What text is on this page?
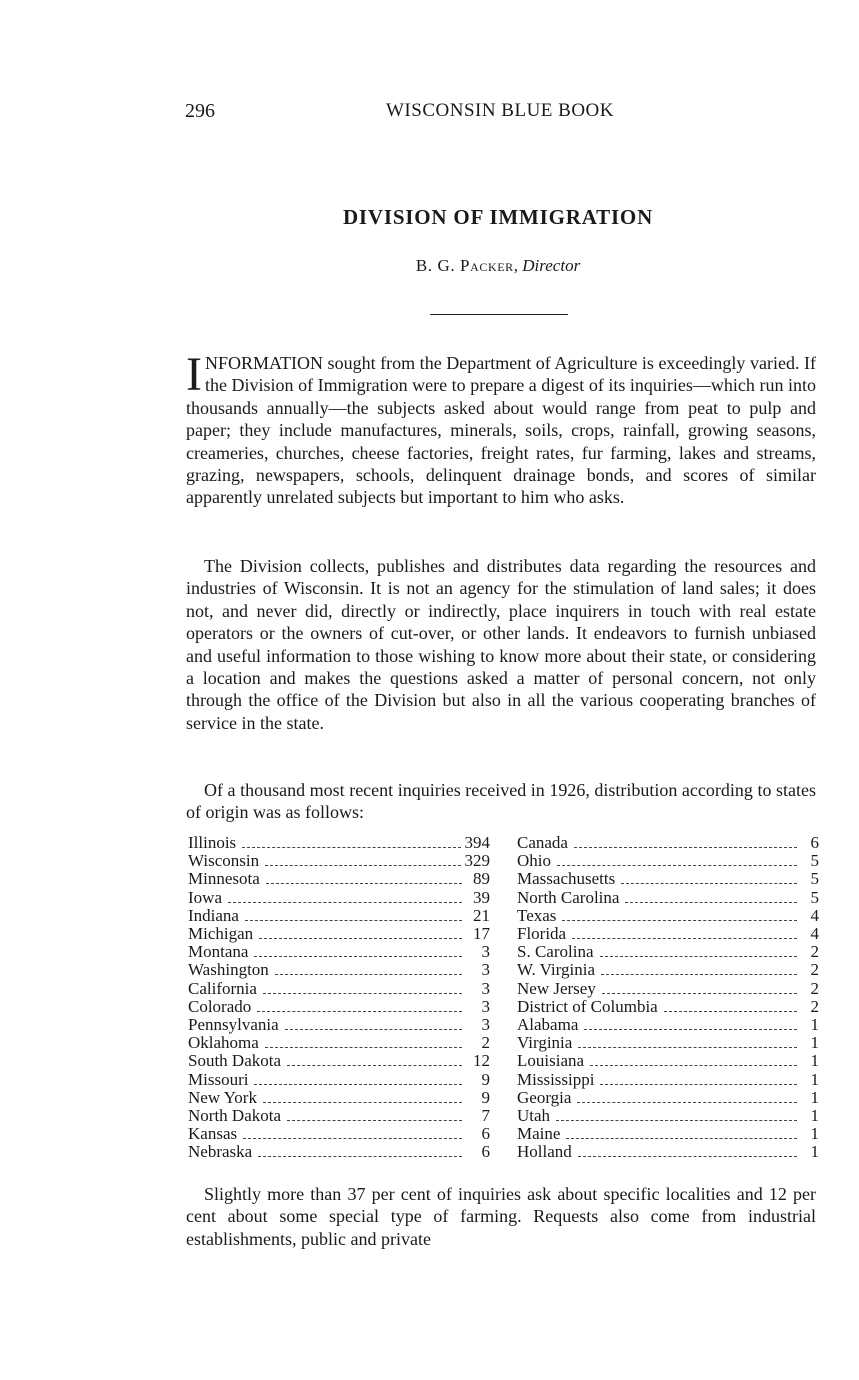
296	WISCONSIN BLUE BOOK
DIVISION OF IMMIGRATION
B. G. Packer, Director

INFORMATION sought from the Department of Agriculture is exceedingly varied. If the Division of Immigration were to prepare a digest of its inquiries—which run into thousands annually—the subjects asked about would range from peat to pulp and paper; they include manufactures, minerals, soils, crops, rainfall, growing seasons, creameries, churches, cheese factories, freight rates, fur farming, lakes and streams, grazing, newspapers, schools, delinquent drainage bonds, and scores of similar apparently unrelated subjects but important to him who asks.

The Division collects, publishes and distributes data regarding the resources and industries of Wisconsin. It is not an agency for the stimulation of land sales; it does not, and never did, directly or indirectly, place inquirers in touch with real estate operators or the owners of cut-over, or other lands. It endeavors to furnish unbiased and useful information to those wishing to know more about their state, or considering a location and makes the questions asked a matter of personal concern, not only through the office of the Division but also in all the various cooperating branches of service in the state.

Of a thousand most recent inquiries received in 1926, distribution according to states of origin was as follows:

Illinois	394
Wisconsin	329
Minnesota	89
Iowa	39
Indiana	21
Michigan	17
Montana	3
Washington	3
California	3
Colorado	3
Pennsylvania	3
Oklahoma	2
South Dakota	12
Missouri	9
New York	9
North Dakota	7
Kansas	6
Nebraska	6
Canada	6
Ohio	5
Massachusetts	5
North Carolina	5
Texas	4
Florida	4
S. Carolina	2
W. Virginia	2
New Jersey	2
District of Columbia	2
Alabama	1
Virginia	1
Louisiana	1
Mississippi	1
Georgia	1
Utah	1
Maine	1
Holland	1

Slightly more than 37 per cent of inquiries ask about specific localities and 12 per cent about some special type of farming. Requests also come from industrial establishments, public and private
